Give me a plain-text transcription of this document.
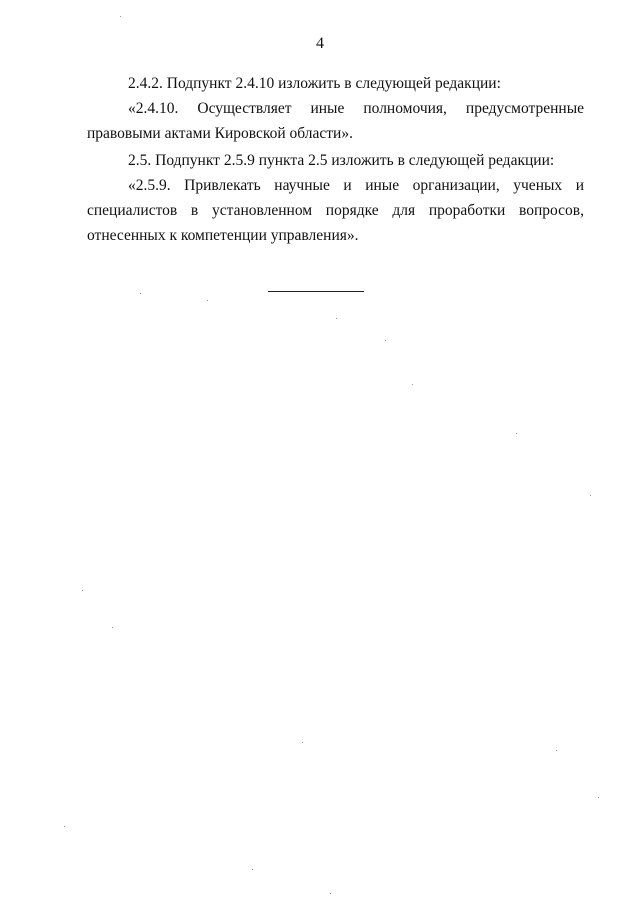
4

2.4.2. Подпункт 2.4.10 изложить в следующей редакции:

«2.4.10. Осуществляет иные полномочия, предусмотренные правовыми актами Кировской области».

2.5. Подпункт 2.5.9 пункта 2.5 изложить в следующей редакции:

«2.5.9. Привлекать научные и иные организации, ученых и специалистов в установленном порядке для проработки вопросов, отнесенных к компетенции управления».
